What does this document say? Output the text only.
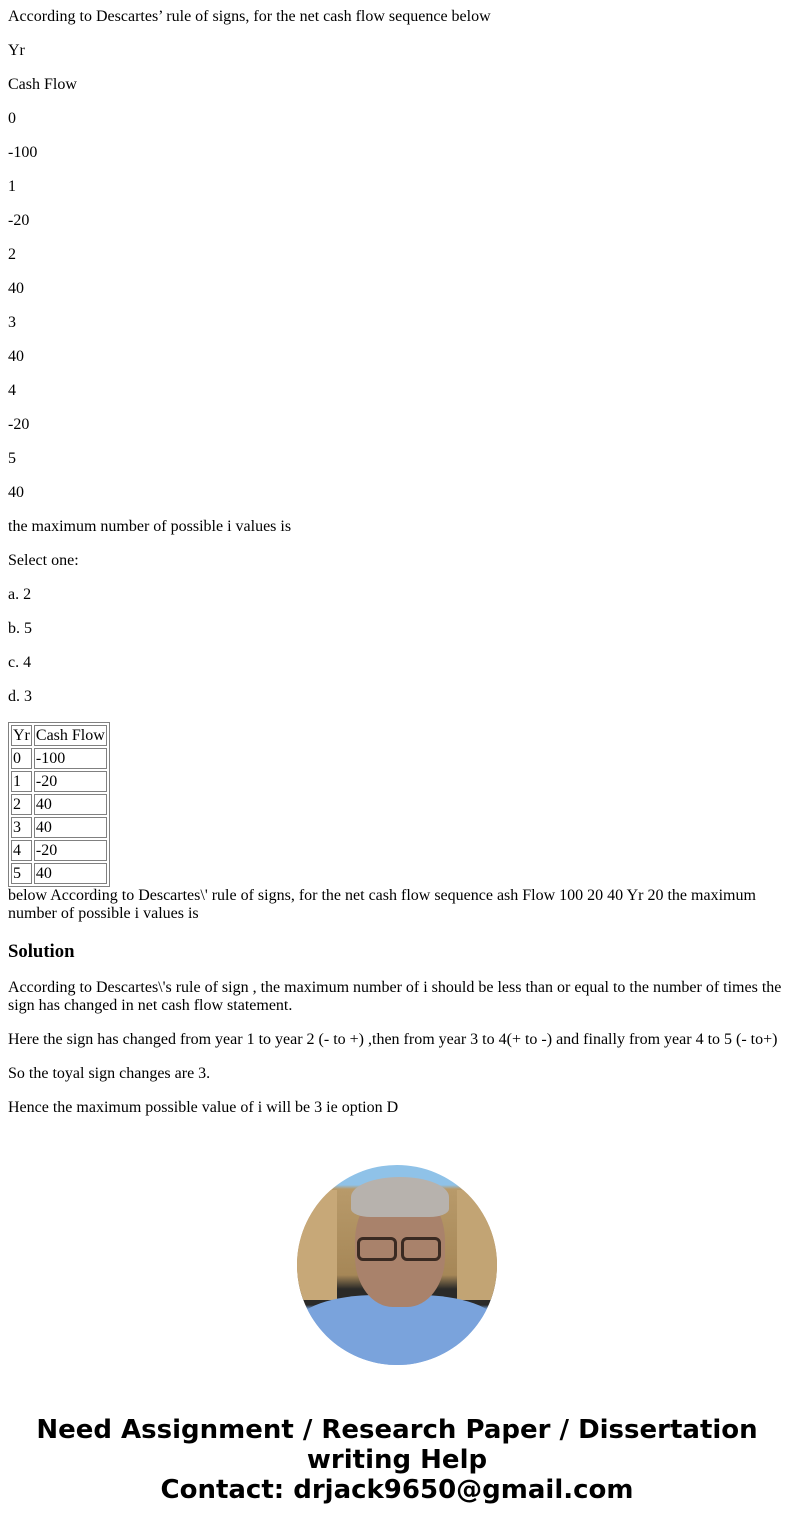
According to Descartes’ rule of signs, for the net cash flow sequence below

Yr

Cash Flow

0

-100

1

-20

2

40

3

40

4

-20

5

40

the maximum number of possible i values is

Select one:

a. 2

b. 5

c. 4

d. 3

Yr	Cash Flow
0	-100
1	-20
2	40
3	40
4	-20
5	40
below According to Descartes\' rule of signs, for the net cash flow sequence ash Flow 100 20 40 Yr 20 the maximum number of possible i values is
Solution

According to Descartes\'s rule of sign , the maximum number of i should be less than or equal to the number of times the sign has changed in net cash flow statement.

Here the sign has changed from year 1 to year 2 (- to +) ,then from year 3 to 4(+ to -) and finally from year 4 to 5 (- to+)

So the toyal sign changes are 3.

Hence the maximum possible value of i will be 3 ie option D

Need Assignment / Research Paper / Dissertation writing Help
Contact: drjack9650@gmail.com
